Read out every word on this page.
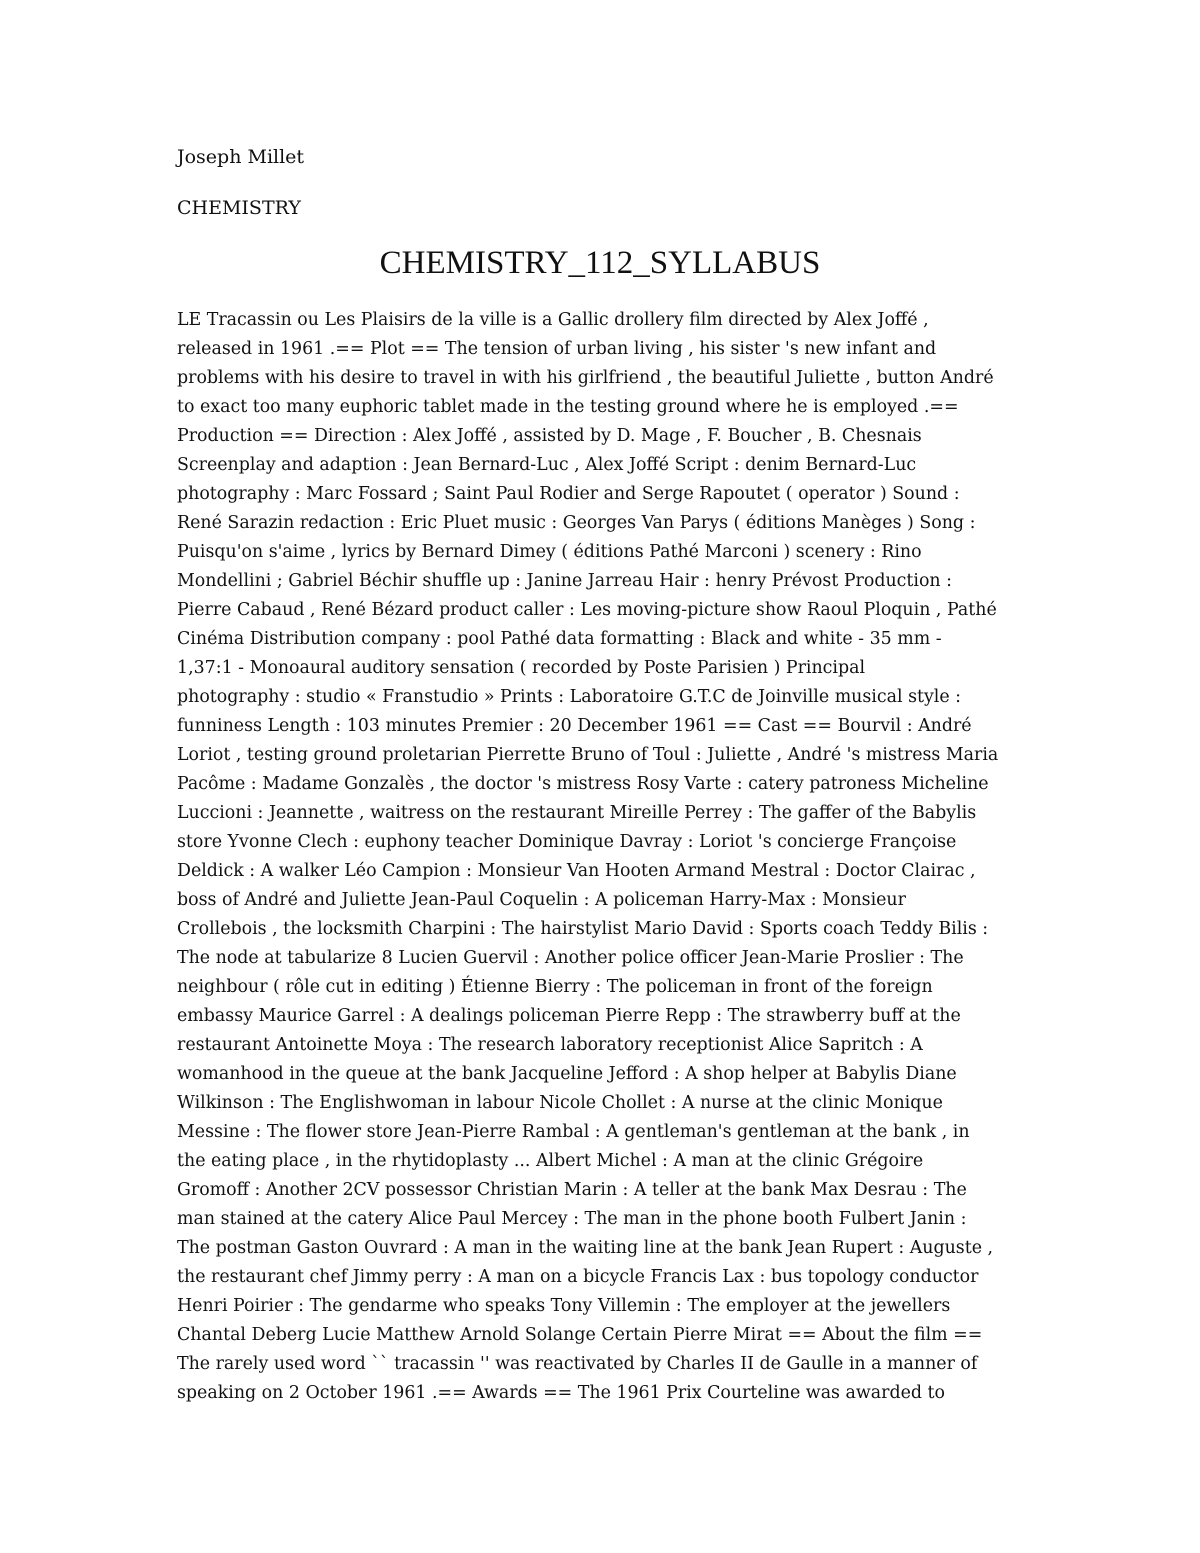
Joseph Millet
CHEMISTRY
CHEMISTRY_112_SYLLABUS
LE Tracassin ou Les Plaisirs de la ville is a Gallic drollery film directed by Alex Joffé ,
released in 1961 .== Plot == The tension of urban living , his sister 's new infant and
problems with his desire to travel in with his girlfriend , the beautiful Juliette , button André
to exact too many euphoric tablet made in the testing ground where he is employed .==
Production == Direction : Alex Joffé , assisted by D. Mage , F. Boucher , B. Chesnais
Screenplay and adaption : Jean Bernard-Luc , Alex Joffé Script : denim Bernard-Luc
photography : Marc Fossard ; Saint Paul Rodier and Serge Rapoutet ( operator ) Sound :
René Sarazin redaction : Eric Pluet music : Georges Van Parys ( éditions Manèges ) Song :
Puisqu'on s'aime , lyrics by Bernard Dimey ( éditions Pathé Marconi ) scenery : Rino
Mondellini ; Gabriel Béchir shuffle up : Janine Jarreau Hair : henry Prévost Production :
Pierre Cabaud , René Bézard product caller : Les moving-picture show Raoul Ploquin , Pathé
Cinéma Distribution company : pool Pathé data formatting : Black and white - 35 mm -
1,37:1 - Monoaural auditory sensation ( recorded by Poste Parisien ) Principal
photography : studio « Franstudio » Prints : Laboratoire G.T.C de Joinville musical style :
funniness Length : 103 minutes Premier : 20 December 1961 == Cast == Bourvil : André
Loriot , testing ground proletarian Pierrette Bruno of Toul : Juliette , André 's mistress Maria
Pacôme : Madame Gonzalès , the doctor 's mistress Rosy Varte : catery patroness Micheline
Luccioni : Jeannette , waitress on the restaurant Mireille Perrey : The gaffer of the Babylis
store Yvonne Clech : euphony teacher Dominique Davray : Loriot 's concierge Françoise
Deldick : A walker Léo Campion : Monsieur Van Hooten Armand Mestral : Doctor Clairac ,
boss of André and Juliette Jean-Paul Coquelin : A policeman Harry-Max : Monsieur
Crollebois , the locksmith Charpini : The hairstylist Mario David : Sports coach Teddy Bilis :
The node at tabularize 8 Lucien Guervil : Another police officer Jean-Marie Proslier : The
neighbour ( rôle cut in editing ) Étienne Bierry : The policeman in front of the foreign
embassy Maurice Garrel : A dealings policeman Pierre Repp : The strawberry buff at the
restaurant Antoinette Moya : The research laboratory receptionist Alice Sapritch : A
womanhood in the queue at the bank Jacqueline Jefford : A shop helper at Babylis Diane
Wilkinson : The Englishwoman in labour Nicole Chollet : A nurse at the clinic Monique
Messine : The flower store Jean-Pierre Rambal : A gentleman's gentleman at the bank , in
the eating place , in the rhytidoplasty ... Albert Michel : A man at the clinic Grégoire
Gromoff : Another 2CV possessor Christian Marin : A teller at the bank Max Desrau : The
man stained at the catery Alice Paul Mercey : The man in the phone booth Fulbert Janin :
The postman Gaston Ouvrard : A man in the waiting line at the bank Jean Rupert : Auguste ,
the restaurant chef Jimmy perry : A man on a bicycle Francis Lax : bus topology conductor
Henri Poirier : The gendarme who speaks Tony Villemin : The employer at the jewellers
Chantal Deberg Lucie Matthew Arnold Solange Certain Pierre Mirat == About the film ==
The rarely used word `` tracassin '' was reactivated by Charles II de Gaulle in a manner of
speaking on 2 October 1961 .== Awards == The 1961 Prix Courteline was awarded to
